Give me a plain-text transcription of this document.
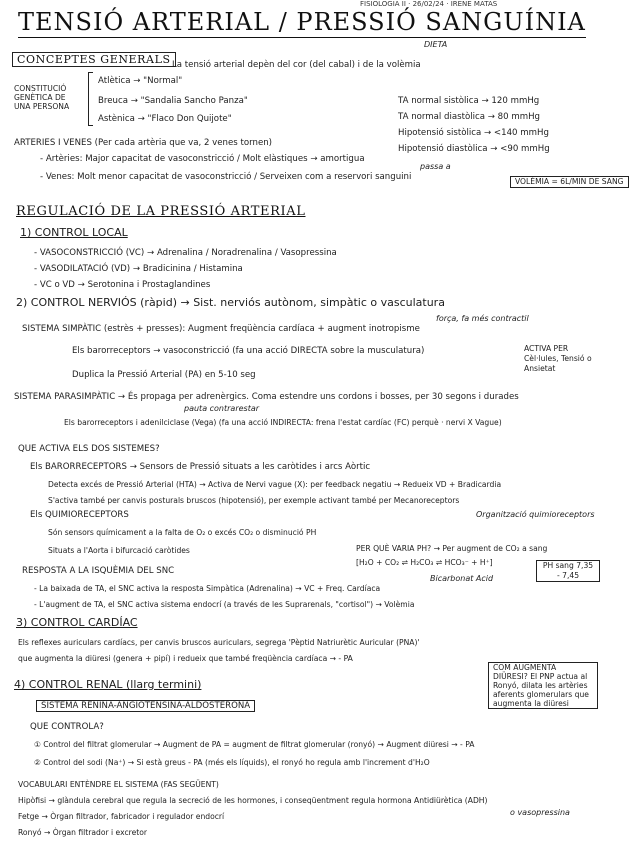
FISIOLOGIA II · 26/02/24 · IRENE MATAS
TENSIÓ ARTERIAL / PRESSIÓ SANGUÍNIA
CONCEPTES GENERALS La tensió arterial depèn del cor (del cabal) i de la volèmia
DIETA
CONSTITUCIÓ GENÈTICA DE UNA PERSONA
Atlètica → "Normal"
Breuca → "Sandalia Sancho Panza"
Astènica → "Flaco Don Quijote"
TA normal sistòlica → 120 mmHg
TA normal diastòlica → 80 mmHg
Hipotensió sistòlica → <140 mmHg
Hipotensió diastòlica → <90 mmHg
ARTERIES I VENES (Per cada artèria que va, 2 venes tornen)
- Artèries: Major capacitat de vasoconstricció / Molt elàstiques → amortigua
passa a
- Venes: Molt menor capacitat de vasoconstricció / Serveixen com a reservori sanguini	VOLÈMIA = 6L/MIN DE SANG
REGULACIÓ DE LA PRESSIÓ ARTERIAL
1) CONTROL LOCAL
- VASOCONSTRICCIÓ (VC) → Adrenalina / Noradrenalina / Vasopressina
- VASODILATACIÓ (VD) → Bradicinina / Histamina
- VC o VD → Serotonina i Prostaglandines
2) CONTROL NERVIÓS (ràpid) → Sist. nerviós autònom, simpàtic o vasculatura
força, fa més contractil
SISTEMA SIMPÀTIC (estrès + presses): Augment freqüència cardíaca + augment inotropisme
Els barorreceptors → vasoconstricció (fa una acció DIRECTA sobre la musculatura)
Duplica la Pressió Arterial (PA) en 5-10 seg
ACTIVA PER Cèl·lules, Tensió o Ansietat
SISTEMA PARASIMPÀTIC → És propaga per adrenèrgics. Coma estendre uns cordons i bosses, per 30 segons i durades
pauta contrarestar
Els barorreceptors i adenilciclase (Vega) (fa una acció INDIRECTA: frena l'estat cardíac (FC) perquè · nervi X Vague)
QUE ACTIVA ELS DOS SISTEMES?
Els BARORRECEPTORS → Sensors de Pressió situats a les caròtides i arcs Aòrtic
Detecta excés de Pressió Arterial (HTA) → Activa de Nervi vague (X): per feedback negatiu → Redueix VD + Bradicardia
S'activa també per canvis posturals bruscos (hipotensió), per exemple activant també per Mecanoreceptors
Organització quimioreceptors
Els QUIMIORECEPTORS
Són sensors químicament a la falta de O₂ o excés CO₂ o disminució PH
Situats a l'Aorta i bifurcació caròtides	PER QUÈ VARIA PH? → Per augment de CO₂ a sang
[H₂O + CO₂ ⇌ H₂CO₃ ⇌ HCO₃⁻ + H⁺]
Bicarbonat Acid
PH sang 7,35 - 7,45
RESPOSTA A LA ISQUÈMIA DEL SNC
- La baixada de TA, el SNC activa la resposta Simpàtica (Adrenalina) → VC + Freq. Cardíaca
- L'augment de TA, el SNC activa sistema endocrí (a través de les Suprarenals, "cortisol") → Volèmia
3) CONTROL CARDÍAC
Els reflexes auriculars cardíacs, per canvis bruscos auriculars, segrega 'Pèptid Natriurètic Auricular (PNA)'
que augmenta la diüresi (genera + pipí) i redueix que també freqüència cardíaca → - PA
COM AUGMENTA DIÜRESI? El PNP actua al Ronyó, dilata les artèries aferents glomerulars que augmenta la diüresi
4) CONTROL RENAL (llarg termini)
SISTEMA RENINA-ANGIOTENSINA-ALDOSTERONA
QUE CONTROLA?
① Control del filtrat glomerular → Augment de PA = augment de filtrat glomerular (ronyó) → Augment diüresi → - PA
② Control del sodi (Na⁺) → Si està greus - PA (més els líquids), el ronyó ho regula amb l'increment d'H₂O
VOCABULARI ENTÈNDRE EL SISTEMA (FAS SEGÜENT)
Hipòfisi → glàndula cerebral que regula la secreció de les hormones, i conseqüentment regula hormona Antidiürètica (ADH)
o vasopressina
Fetge → Òrgan filtrador, fabricador i regulador endocrí
Ronyó → Òrgan filtrador i excretor
